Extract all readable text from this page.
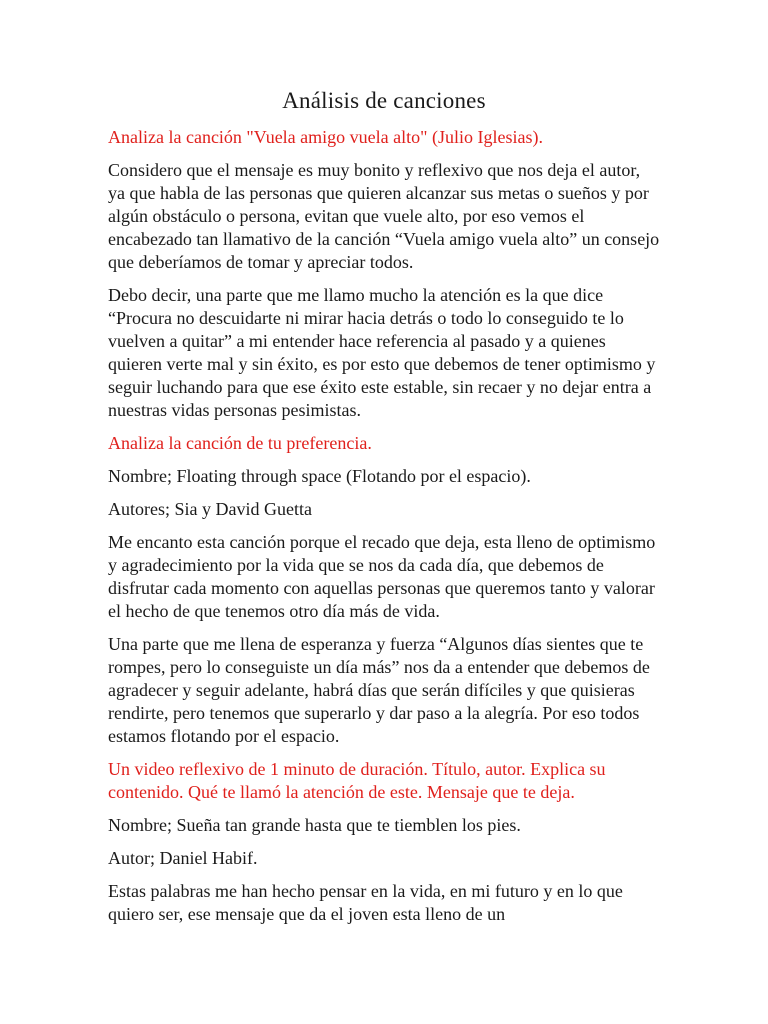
Análisis de canciones

Analiza la canción "Vuela amigo vuela alto" (Julio Iglesias).

Considero que el mensaje es muy bonito y reflexivo que nos deja el autor, ya que habla de las personas que quieren alcanzar sus metas o sueños y por algún obstáculo o persona, evitan que vuele alto, por eso vemos el encabezado tan llamativo de la canción “Vuela amigo vuela alto” un consejo que deberíamos de tomar y apreciar todos.

Debo decir, una parte que me llamo mucho la atención es la que dice “Procura no descuidarte ni mirar hacia detrás o todo lo conseguido te lo vuelven a quitar” a mi entender hace referencia al pasado y a quienes quieren verte mal y sin éxito, es por esto que debemos de tener optimismo y seguir luchando para que ese éxito este estable, sin recaer y no dejar entra a nuestras vidas personas pesimistas.

Analiza la canción de tu preferencia.

Nombre; Floating through space (Flotando por el espacio).

Autores; Sia y David Guetta

Me encanto esta canción porque el recado que deja, esta lleno de optimismo y agradecimiento por la vida que se nos da cada día, que debemos de disfrutar cada momento con aquellas personas que queremos tanto y valorar el hecho de que tenemos otro día más de vida.

Una parte que me llena de esperanza y fuerza “Algunos días sientes que te rompes, pero lo conseguiste un día más” nos da a entender que debemos de agradecer y seguir adelante, habrá días que serán difíciles y que quisieras rendirte, pero tenemos que superarlo y dar paso a la alegría. Por eso todos estamos flotando por el espacio.

Un video reflexivo de 1 minuto de duración. Título, autor. Explica su contenido. Qué te llamó la atención de este. Mensaje que te deja.

Nombre; Sueña tan grande hasta que te tiemblen los pies.

Autor; Daniel Habif.

Estas palabras me han hecho pensar en la vida, en mi futuro y en lo que quiero ser, ese mensaje que da el joven esta lleno de un
